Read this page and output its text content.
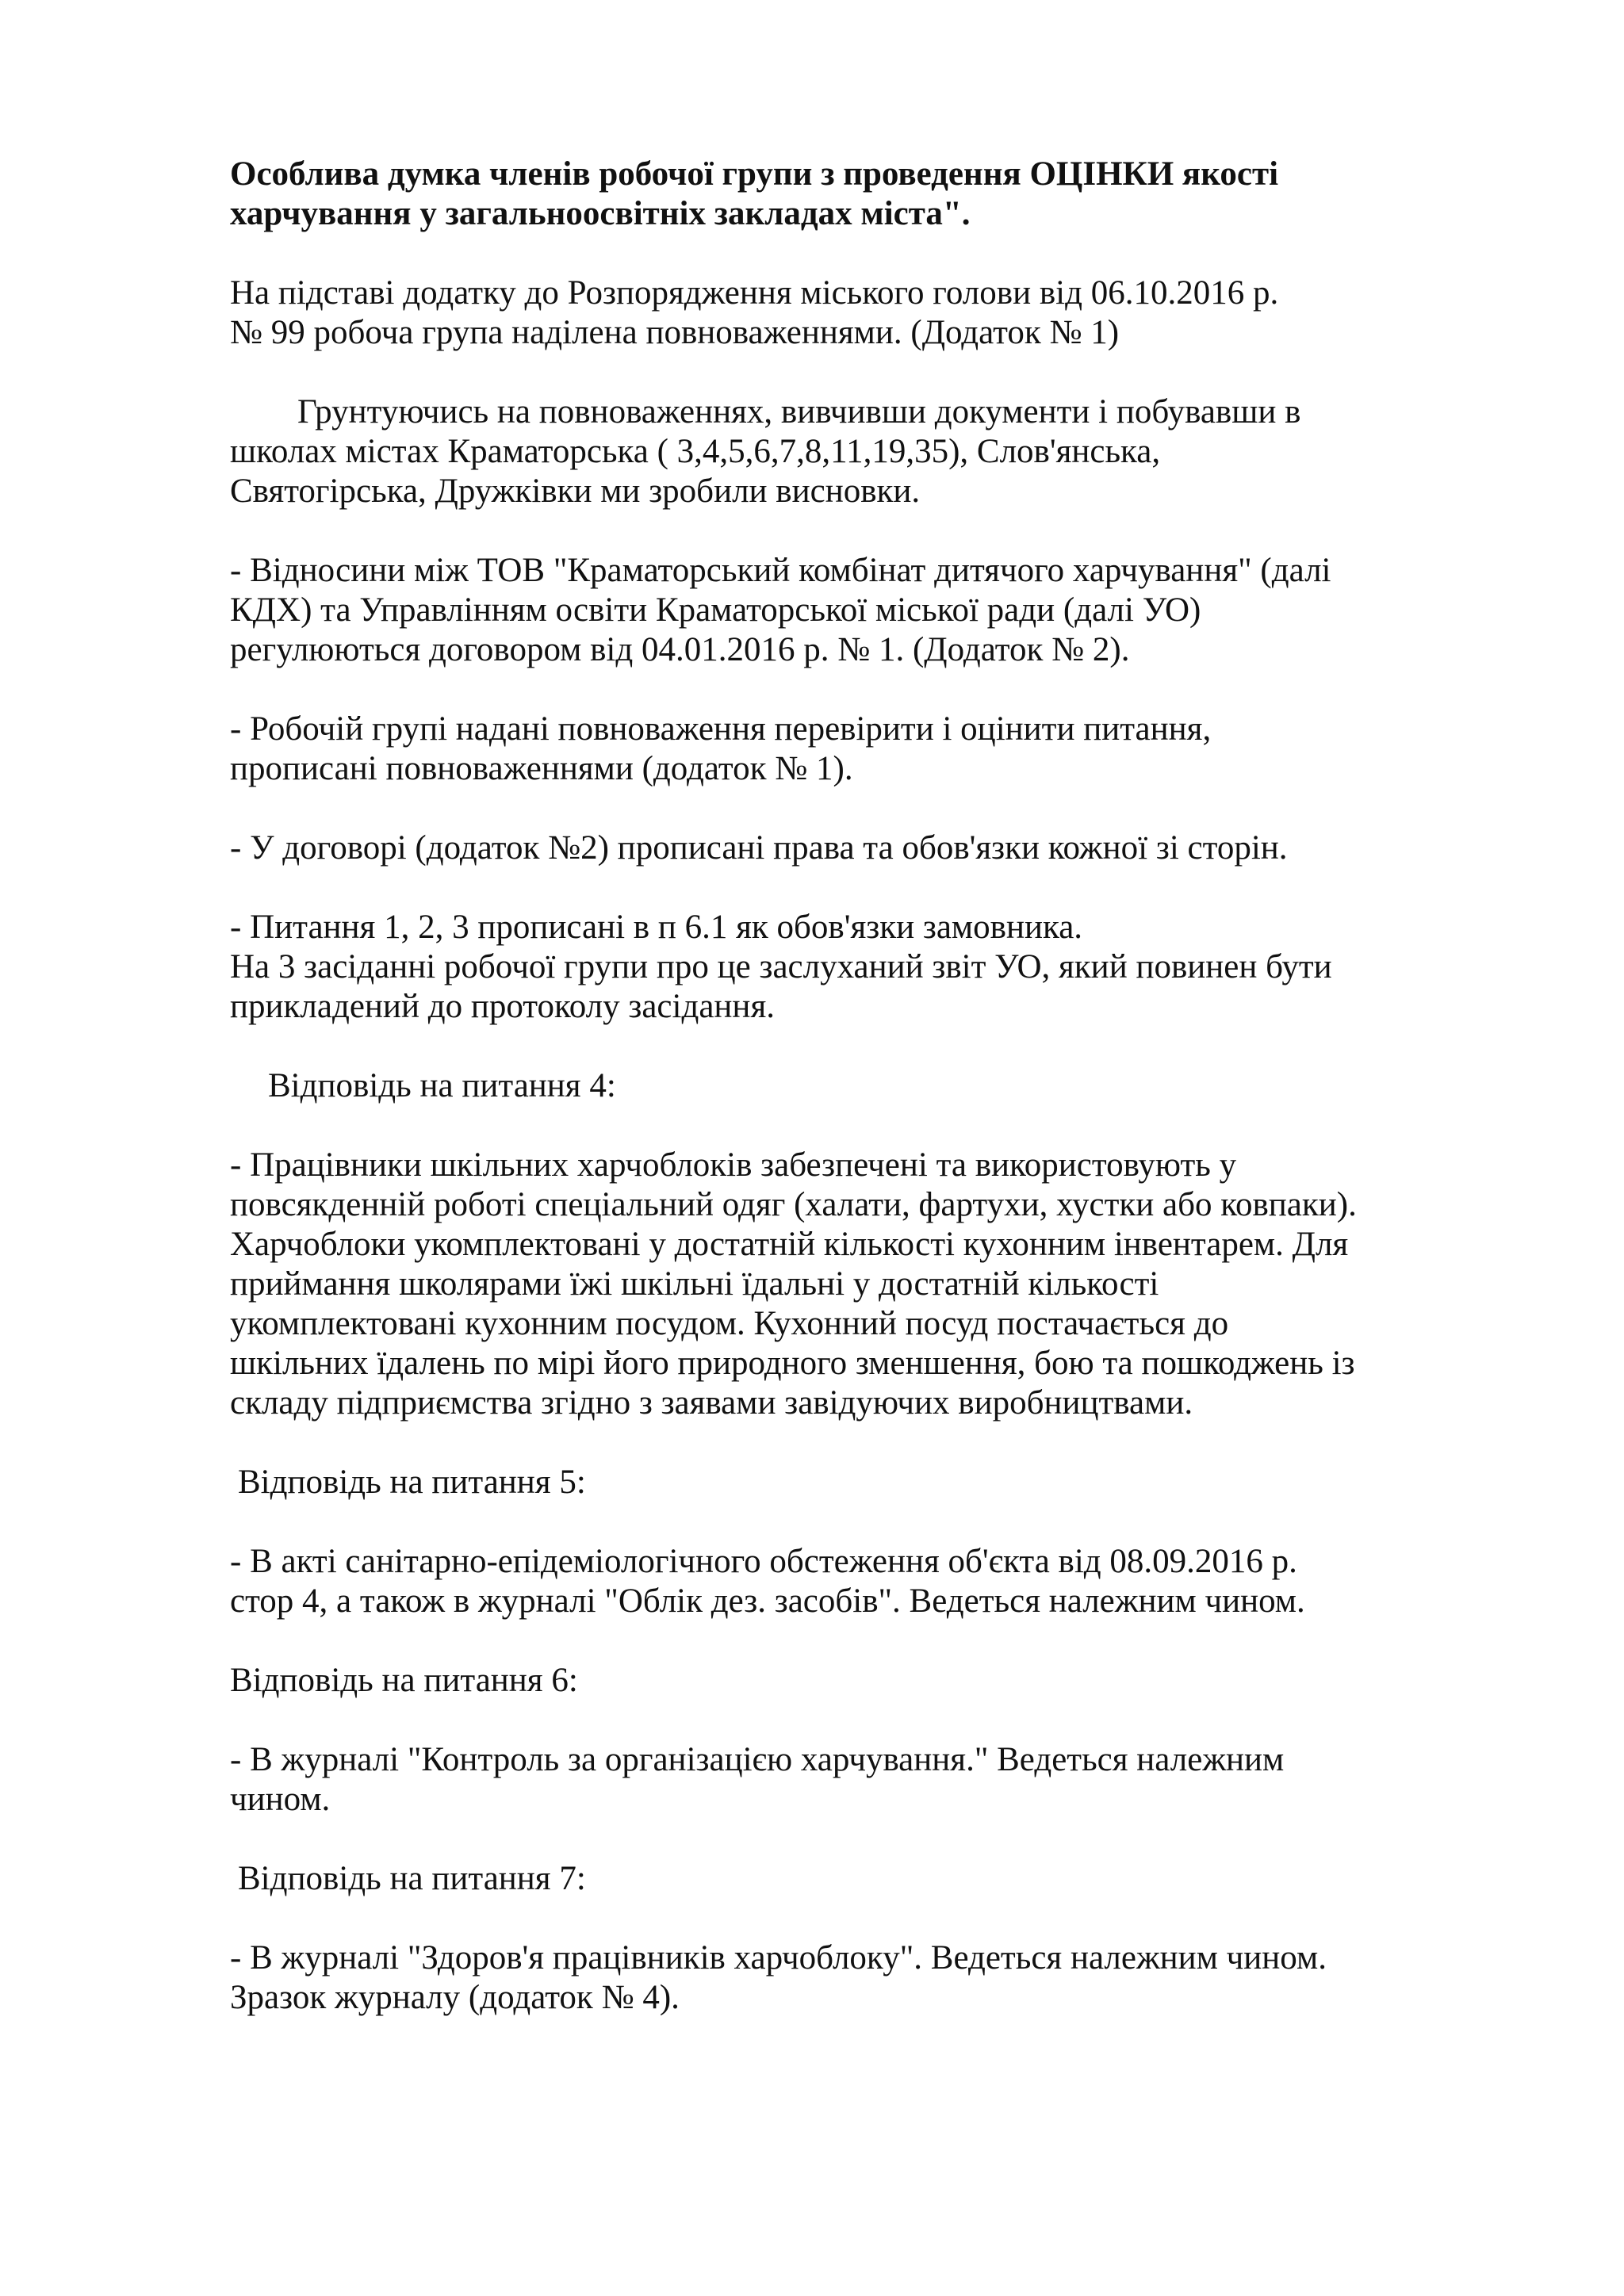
Особлива думка членів робочої групи з проведення ОЦІНКИ якості
харчування у загальноосвітніх закладах міста".
На підставі додатку до Розпорядження міського голови від 06.10.2016 р.
№ 99 робоча група наділена повноваженнями. (Додаток № 1)
Грунтуючись на повноваженнях, вивчивши документи і побувавши в
школах містах Краматорська ( 3,4,5,6,7,8,11,19,35), Слов'янська,
Святогірська, Дружківки ми зробили висновки.
- Відносини між ТОВ "Краматорський комбінат дитячого харчування" (далі
КДХ) та Управлінням освіти Краматорської міської ради (далі УО)
регулюються договором від 04.01.2016 р. № 1. (Додаток № 2).
- Робочій групі надані повноваження перевірити і оцінити питання,
прописані повноваженнями (додаток № 1).
- У договорі (додаток №2) прописані права та обов'язки кожної зі сторін.
- Питання 1, 2, 3 прописані в п 6.1 як обов'язки замовника.
На 3 засіданні робочої групи про це заслуханий звіт УО, який повинен бути
прикладений до протоколу засідання.
Відповідь на питання 4:
- Працівники шкільних харчоблоків забезпечені та використовують у
повсякденній роботі спеціальний одяг (халати, фартухи, хустки або ковпаки).
Харчоблоки укомплектовані у достатній кількості кухонним інвентарем. Для
приймання школярами їжі шкільні їдальні у достатній кількості
укомплектовані кухонним посудом. Кухонний посуд постачається до
шкільних їдалень по мірі його природного зменшення, бою та пошкоджень із
складу підприємства згідно з заявами завідуючих виробництвами.
Відповідь на питання 5:
- В акті санітарно-епідеміологічного обстеження об'єкта від 08.09.2016 р.
стор 4, а також в журналі "Облік дез. засобів". Ведеться належним чином.
Відповідь на питання 6:
- В журналі "Контроль за організацією харчування." Ведеться належним
чином.
Відповідь на питання 7:
- В журналі "Здоров'я працівників харчоблоку". Ведеться належним чином.
Зразок журналу (додаток № 4).
